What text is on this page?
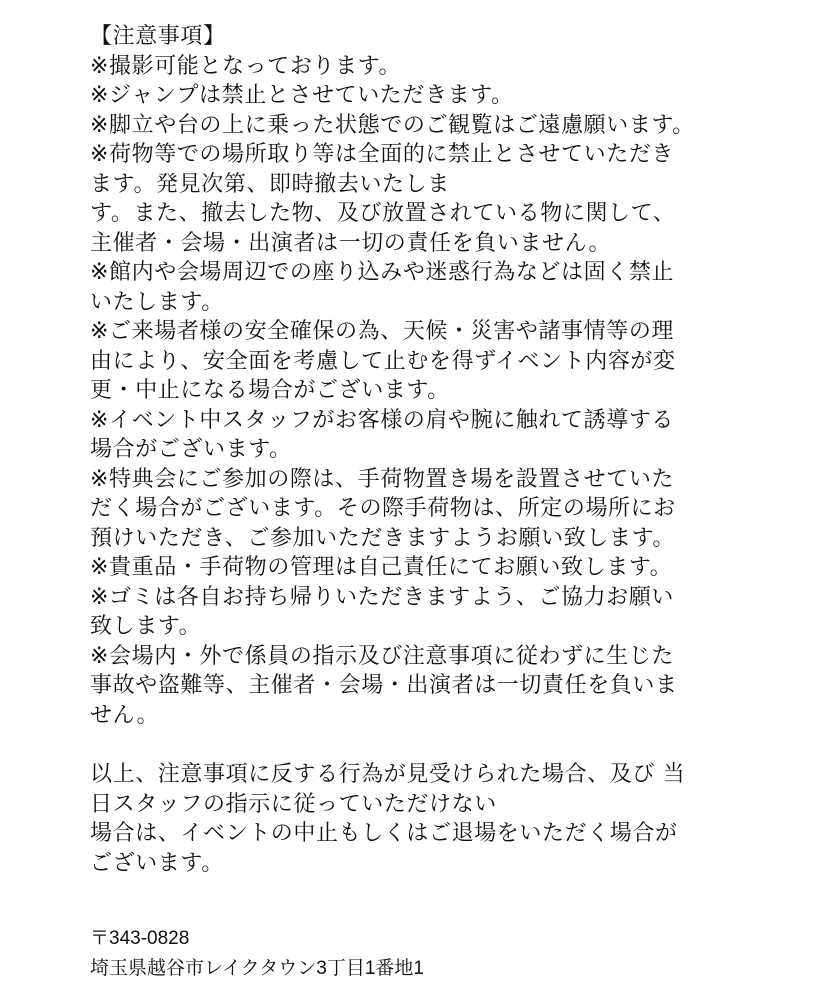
【注意事項】
※撮影可能となっております。
※ジャンプは禁止とさせていただきます。
※脚立や台の上に乗った状態でのご観覧はご遠慮願います。
※荷物等での場所取り等は全面的に禁止とさせていただき
ます。発見次第、即時撤去いたしま
す。また、撤去した物、及び放置されている物に関して、
主催者・会場・出演者は一切の責任を負いません。
※館内や会場周辺での座り込みや迷惑行為などは固く禁止
いたします。
※ご来場者様の安全確保の為、天候・災害や諸事情等の理
由により、安全面を考慮して止むを得ずイベント内容が変
更・中止になる場合がございます。
※イベント中スタッフがお客様の肩や腕に触れて誘導する
場合がございます。
※特典会にご参加の際は、手荷物置き場を設置させていた
だく場合がございます。その際手荷物は、所定の場所にお
預けいただき、ご参加いただきますようお願い致します。
※貴重品・手荷物の管理は自己責任にてお願い致します。
※ゴミは各自お持ち帰りいただきますよう、ご協力お願い
致します。
※会場内・外で係員の指示及び注意事項に従わずに生じた
事故や盗難等、主催者・会場・出演者は一切責任を負いま
せん。
以上、注意事項に反する行為が見受けられた場合、及び 当
日スタッフの指示に従っていただけない
場合は、イベントの中止もしくはご退場をいただく場合が
ございます。
〒343-0828
埼玉県越谷市レイクタウン3丁目1番地1
